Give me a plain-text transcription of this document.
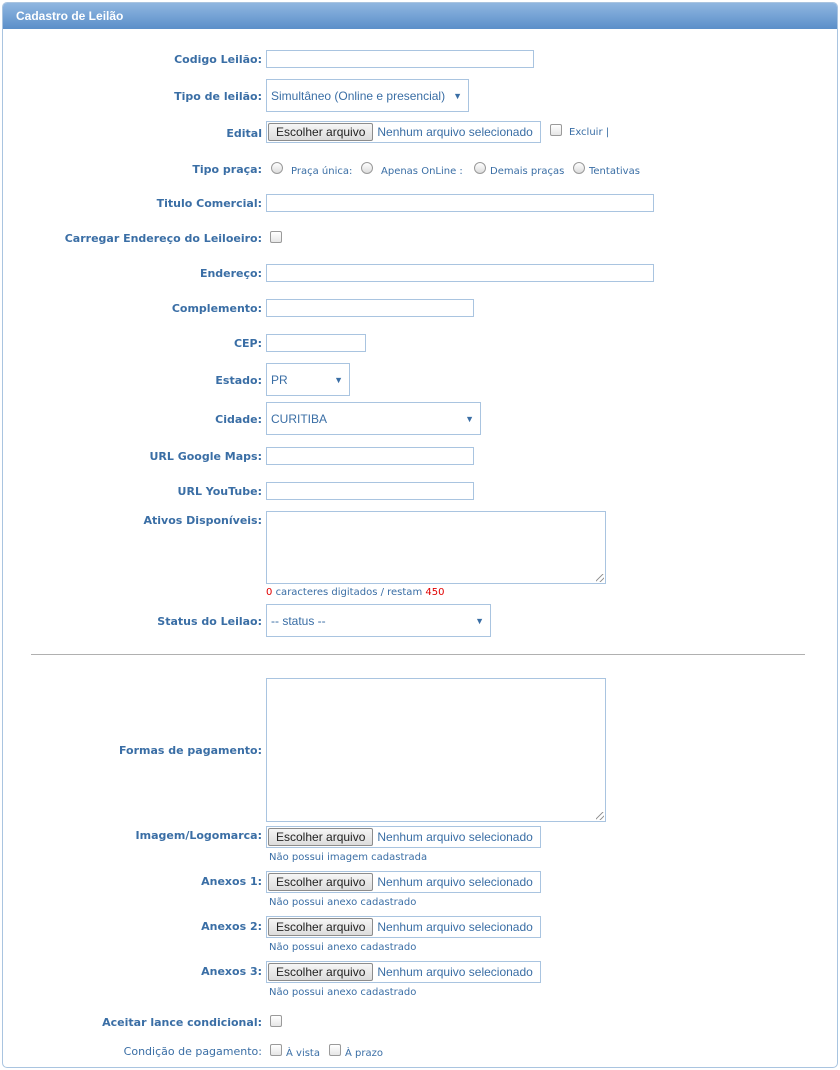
Cadastro de Leilão
Codigo Leilão:
Tipo de leilão: Simultâneo (Online e presencial) ▼
Edital	Escolher arquivo	Nenhum arquivo selecionado	Excluir |
Tipo praça:	Praça única:	Apenas OnLine :	Demais praças Tentativas
Titulo Comercial:
Carregar Endereço do Leiloeiro:
Endereço:
Complemento:
CEP:
Estado: PR	▼
Cidade: CURITIBA	▼
URL Google Maps:
URL YouTube:
Ativos Disponíveis:
0 caracteres digitados / restam 450
Status do Leilao: -- status --	▼
Formas de pagamento:
Imagem/Logomarca:	Escolher arquivo	Nenhum arquivo selecionado
Não possui imagem cadastrada
Anexos 1:	Escolher arquivo	Nenhum arquivo selecionado
Não possui anexo cadastrado
Anexos 2:	Escolher arquivo	Nenhum arquivo selecionado
Não possui anexo cadastrado
Anexos 3:	Escolher arquivo	Nenhum arquivo selecionado
Não possui anexo cadastrado
Aceitar lance condicional:
Condição de pagamento: À vista	À prazo
